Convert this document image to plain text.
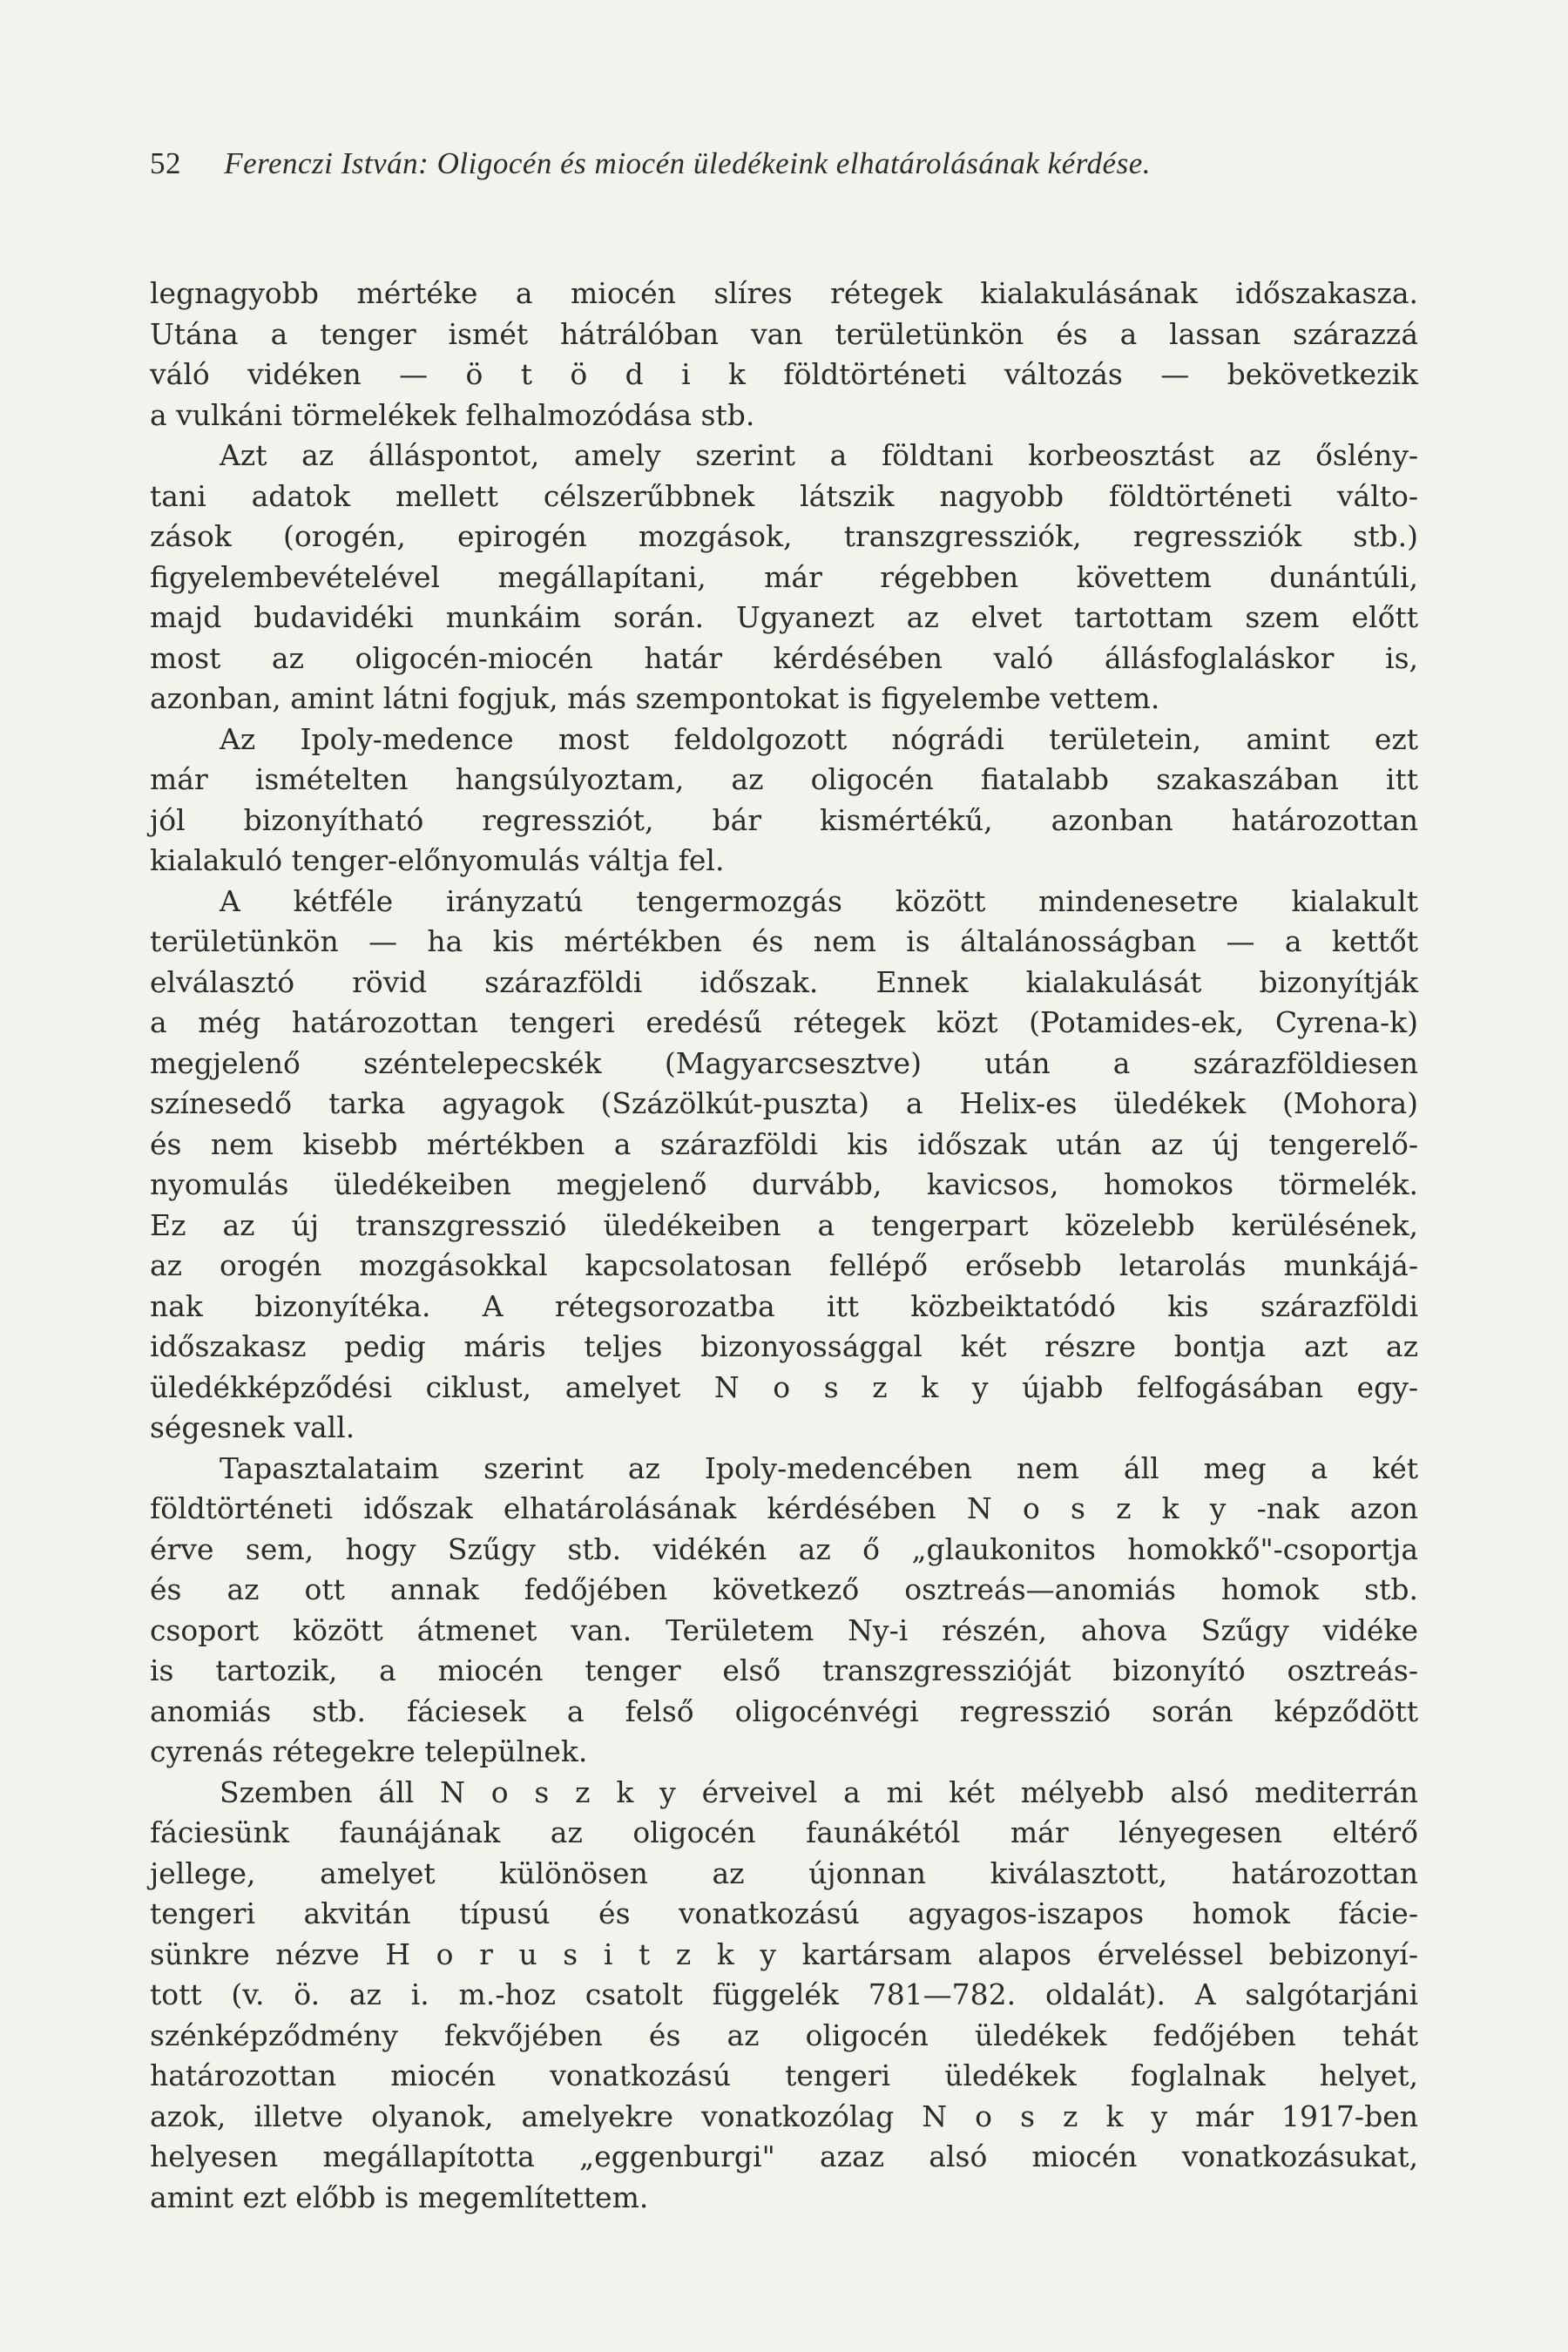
52 Ferenczi István: Oligocén és miocén üledékeink elhatárolásának kérdése.
legnagyobb mértéke a miocén slíres rétegek kialakulásának időszakasza.
Utána a tenger ismét hátrálóban van területünkön és a lassan szárazzá
váló vidéken — ö t ö d i k földtörténeti változás — bekövetkezik
a vulkáni törmelékek felhalmozódása stb.
Azt az álláspontot, amely szerint a földtani korbeosztást az őslény-
tani adatok mellett célszerűbbnek látszik nagyobb földtörténeti válto-
zások (orogén, epirogén mozgások, transzgressziók, regressziók stb.)
figyelembevételével megállapítani, már régebben követtem dunántúli,
majd budavidéki munkáim során. Ugyanezt az elvet tartottam szem előtt
most az oligocén-miocén határ kérdésében való állásfoglaláskor is,
azonban, amint látni fogjuk, más szempontokat is figyelembe vettem.
Az Ipoly-medence most feldolgozott nógrádi területein, amint ezt
már ismételten hangsúlyoztam, az oligocén fiatalabb szakaszában itt
jól bizonyítható regressziót, bár kismértékű, azonban határozottan
kialakuló tenger-előnyomulás váltja fel.
A kétféle irányzatú tengermozgás között mindenesetre kialakult
területünkön — ha kis mértékben és nem is általánosságban — a kettőt
elválasztó rövid szárazföldi időszak. Ennek kialakulását bizonyítják
a még határozottan tengeri eredésű rétegek közt (Potamides-ek, Cyrena-k)
megjelenő széntelepecskék (Magyarcsesztve) után a szárazföldiesen
színesedő tarka agyagok (Százölkút-puszta) a Helix-es üledékek (Mohora)
és nem kisebb mértékben a szárazföldi kis időszak után az új tengerelő-
nyomulás üledékeiben megjelenő durvább, kavicsos, homokos törmelék.
Ez az új transzgresszió üledékeiben a tengerpart közelebb kerülésének,
az orogén mozgásokkal kapcsolatosan fellépő erősebb letarolás munkájá-
nak bizonyítéka. A rétegsorozatba itt közbeiktatódó kis szárazföldi
időszakasz pedig máris teljes bizonyossággal két részre bontja azt az
üledékképződési ciklust, amelyet N o s z k y újabb felfogásában egy-
ségesnek vall.
Tapasztalataim szerint az Ipoly-medencében nem áll meg a két
földtörténeti időszak elhatárolásának kérdésében N o s z k y -nak azon
érve sem, hogy Szűgy stb. vidékén az ő „glaukonitos homokkő"-csoportja
és az ott annak fedőjében következő osztreás—anomiás homok stb.
csoport között átmenet van. Területem Ny-i részén, ahova Szűgy vidéke
is tartozik, a miocén tenger első transzgresszióját bizonyító osztreás-
anomiás stb. fáciesek a felső oligocénvégi regresszió során képződött
cyrenás rétegekre települnek.
Szemben áll N o s z k y érveivel a mi két mélyebb alsó mediterrán
fáciesünk faunájának az oligocén faunákétól már lényegesen eltérő
jellege, amelyet különösen az újonnan kiválasztott, határozottan
tengeri akvitán típusú és vonatkozású agyagos-iszapos homok fácie-
sünkre nézve H o r u s i t z k y kartársam alapos érveléssel bebizonyí-
tott (v. ö. az i. m.-hoz csatolt függelék 781—782. oldalát). A salgótarjáni
szénképződmény fekvőjében és az oligocén üledékek fedőjében tehát
határozottan miocén vonatkozású tengeri üledékek foglalnak helyet,
azok, illetve olyanok, amelyekre vonatkozólag N o s z k y már 1917-ben
helyesen megállapította „eggenburgi" azaz alsó miocén vonatkozásukat,
amint ezt előbb is megemlítettem.
